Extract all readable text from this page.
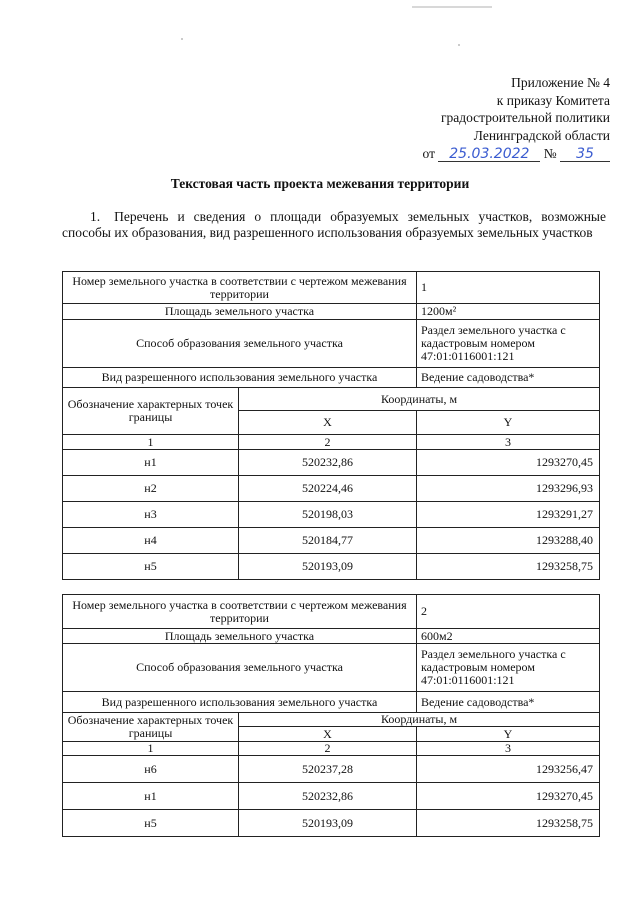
Приложение № 4
к приказу Комитета
градостроительной политики
Ленинградской области
от 25.03.2022 № 35
Текстовая часть проекта межевания территории
1. Перечень и сведения о площади образуемых земельных участков, возможные способы их образования, вид разрешенного использования образуемых земельных участков
Номер земельного участка в соответствии с чертежом межевания территории		1
Площадь земельного участка		1200м²
Способ образования земельного участка		Раздел земельного участка с кадастровым номером 47:01:0116001:121
Вид разрешенного использования земельного участка		Ведение садоводства*
Обозначение характерных точек границы	Координаты, м	
	X	Y
1	2	3
н1	520232,86	1293270,45
н2	520224,46	1293296,93
н3	520198,03	1293291,27
н4	520184,77	1293288,40
н5	520193,09	1293258,75
Номер земельного участка в соответствии с чертежом межевания территории		2
Площадь земельного участка		600м2
Способ образования земельного участка		Раздел земельного участка с кадастровым номером 47:01:0116001:121
Вид разрешенного использования земельного участка		Ведение садоводства*
Обозначение характерных точек границы	Координаты, м	
	X	Y
1	2	3
н6	520237,28	1293256,47
н1	520232,86	1293270,45
н5	520193,09	1293258,75
